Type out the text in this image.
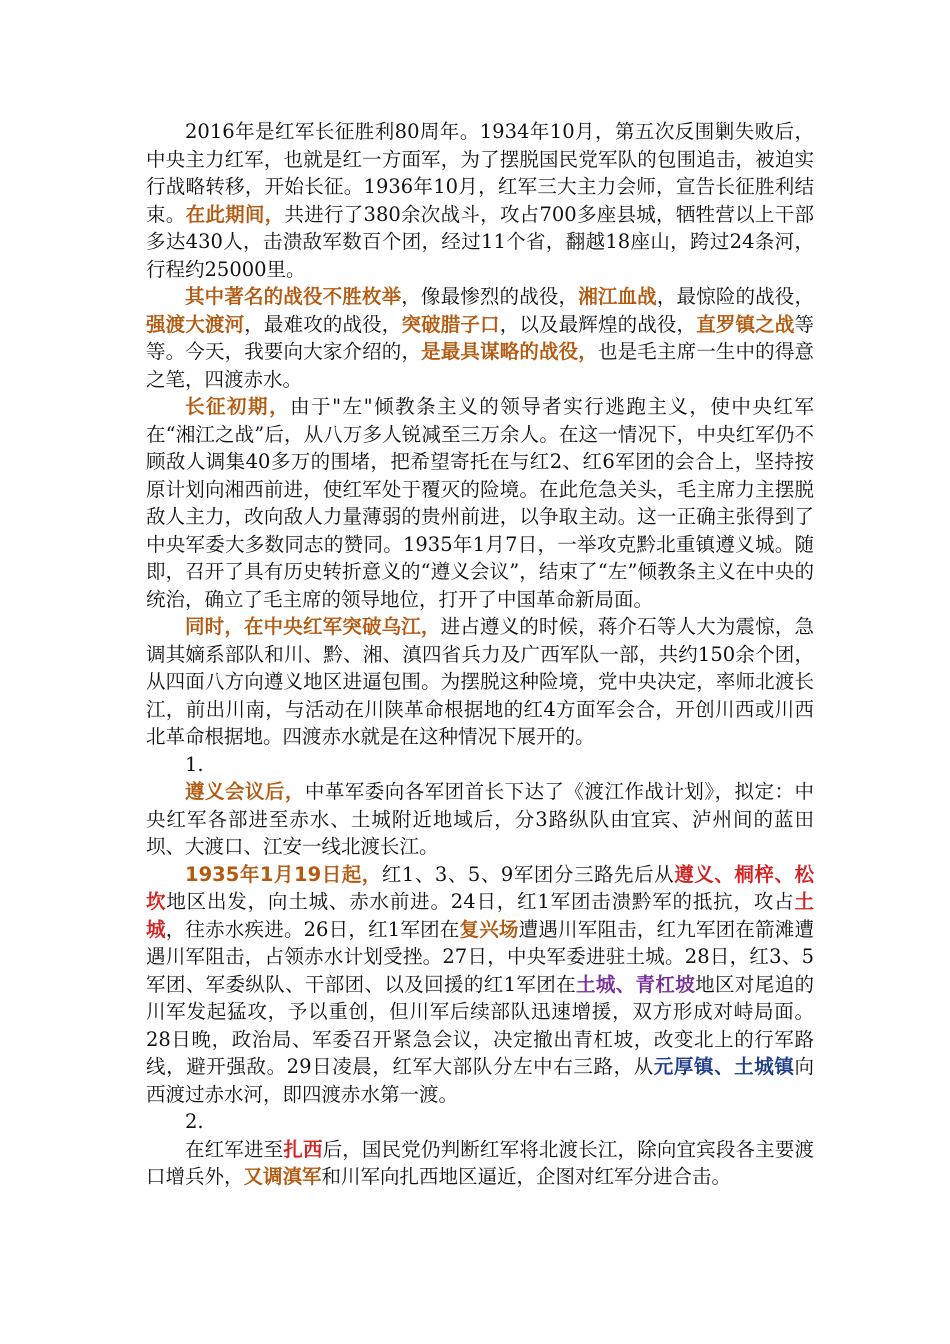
2016年是红军长征胜利80周年。1934年10月，第五次反围剿失败后，中央主力红军，也就是红一方面军，为了摆脱国民党军队的包围追击，被迫实行战略转移，开始长征。1936年10月，红军三大主力会师，宣告长征胜利结束。在此期间，共进行了380余次战斗，攻占700多座县城，牺牲营以上干部多达430人，击溃敌军数百个团，经过11个省，翻越18座山，跨过24条河，行程约25000里。

其中著名的战役不胜枚举，像最惨烈的战役，湘江血战，最惊险的战役，强渡大渡河，最难攻的战役，突破腊子口，以及最辉煌的战役，直罗镇之战等等。今天，我要向大家介绍的，是最具谋略的战役，也是毛主席一生中的得意之笔，四渡赤水。

长征初期，由于"左"倾教条主义的领导者实行逃跑主义，使中央红军在“湘江之战”后，从八万多人锐减至三万余人。在这一情况下，中央红军仍不顾敌人调集40多万的围堵，把希望寄托在与红2、红6军团的会合上，坚持按原计划向湘西前进，使红军处于覆灭的险境。在此危急关头，毛主席力主摆脱敌人主力，改向敌人力量薄弱的贵州前进，以争取主动。这一正确主张得到了中央军委大多数同志的赞同。1935年1月7日，一举攻克黔北重镇遵义城。随即，召开了具有历史转折意义的“遵义会议”，结束了“左”倾教条主义在中央的统治，确立了毛主席的领导地位，打开了中国革命新局面。

同时，在中央红军突破乌江，进占遵义的时候，蒋介石等人大为震惊，急调其嫡系部队和川、黔、湘、滇四省兵力及广西军队一部，共约150余个团，从四面八方向遵义地区进逼包围。为摆脱这种险境，党中央决定，率师北渡长江，前出川南，与活动在川陕革命根据地的红4方面军会合，开创川西或川西北革命根据地。四渡赤水就是在这种情况下展开的。

1.

遵义会议后，中革军委向各军团首长下达了《渡江作战计划》，拟定：中央红军各部进至赤水、土城附近地域后，分3路纵队由宜宾、泸州间的蓝田坝、大渡口、江安一线北渡长江。

1935年1月19日起，红1、3、5、9军团分三路先后从遵义、桐梓、松坎地区出发，向土城、赤水前进。24日，红1军团击溃黔军的抵抗，攻占土城，往赤水疾进。26日，红1军团在复兴场遭遇川军阻击，红九军团在箭滩遭遇川军阻击，占领赤水计划受挫。27日，中央军委进驻土城。28日，红3、5军团、军委纵队、干部团、以及回援的红1军团在土城、青杠坡地区对尾追的川军发起猛攻，予以重创，但川军后续部队迅速增援，双方形成对峙局面。28日晚，政治局、军委召开紧急会议，决定撤出青杠坡，改变北上的行军路线，避开强敌。29日凌晨，红军大部队分左中右三路，从元厚镇、土城镇向西渡过赤水河，即四渡赤水第一渡。

2.

在红军进至扎西后，国民党仍判断红军将北渡长江，除向宜宾段各主要渡口增兵外，又调滇军和川军向扎西地区逼近，企图对红军分进合击。
